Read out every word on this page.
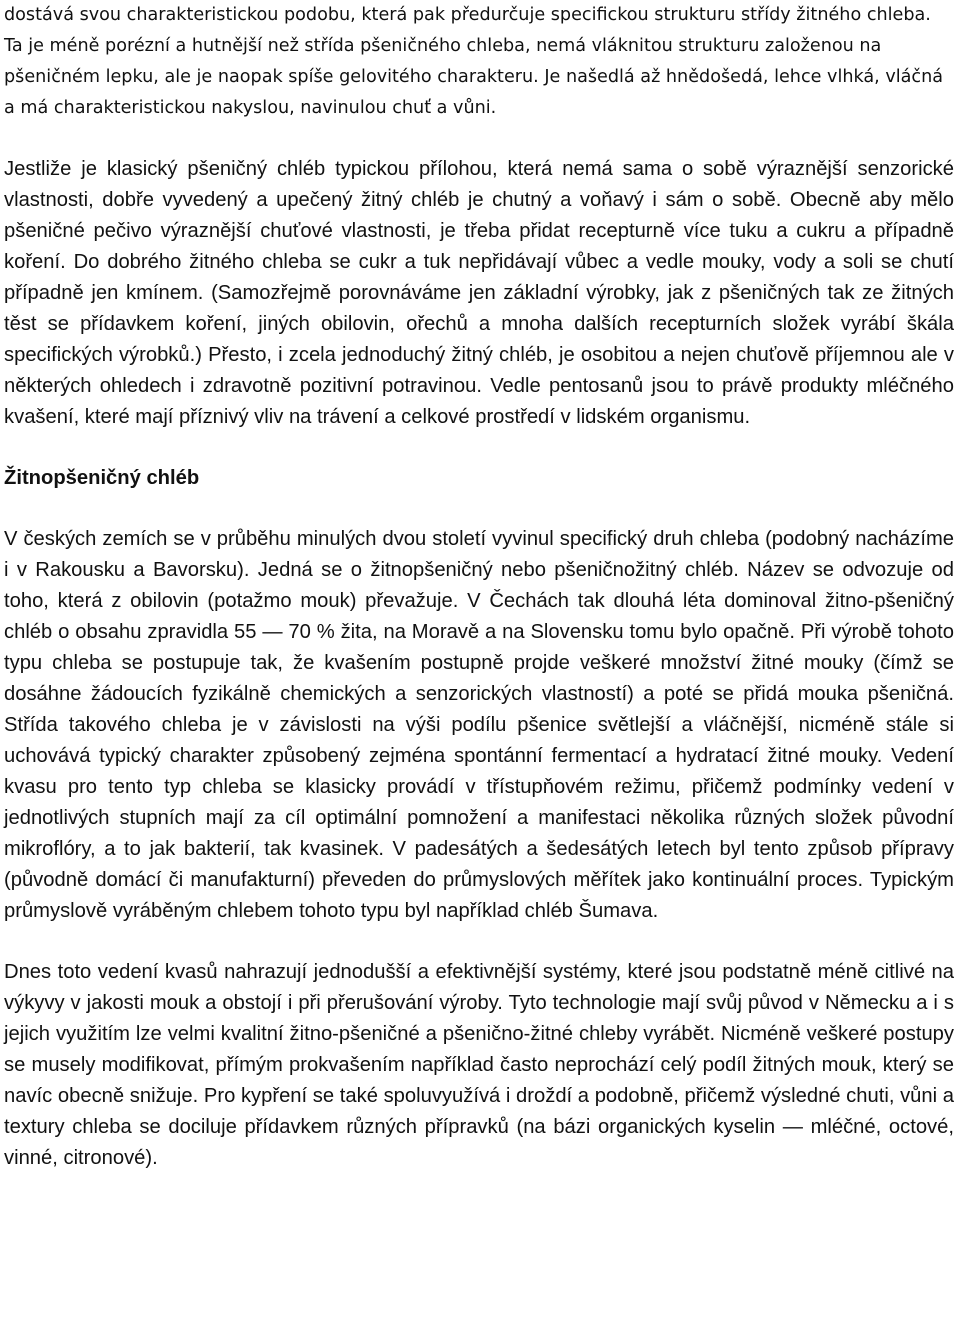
dostává svou charakteristickou podobu, která pak předurčuje specifickou strukturu střídy žitného chleba. Ta je méně porézní a hutnější než střída pšeničného chleba, nemá vláknitou strukturu založenou na pšeničném lepku, ale je naopak spíše gelovitého charakteru. Je našedlá až hnědošedá, lehce vlhká, vláčná a má charakteristickou nakyslou, navinulou chuť a vůni.

Jestliže je klasický pšeničný chléb typickou přílohou, která nemá sama o sobě výraznější senzorické vlastnosti, dobře vyvedený a upečený žitný chléb je chutný a voňavý i sám o sobě. Obecně aby mělo pšeničné pečivo výraznější chuťové vlastnosti, je třeba přidat recepturně více tuku a cukru a případně koření. Do dobrého žitného chleba se cukr a tuk nepřidávají vůbec a vedle mouky, vody a soli se chutí případně jen kmínem. (Samozřejmě porovnáváme jen základní výrobky, jak z pšeničných tak ze žitných těst se přídavkem koření, jiných obilovin, ořechů a mnoha dalších recepturních složek vyrábí škála specifických výrobků.) Přesto, i zcela jednoduchý žitný chléb, je osobitou a nejen chuťově příjemnou ale v některých ohledech i zdravotně pozitivní potravinou. Vedle pentosanů jsou to právě produkty mléčného kvašení, které mají příznivý vliv na trávení a celkové prostředí v lidském organismu.

Žitnopšeničný chléb

V českých zemích se v průběhu minulých dvou století vyvinul specifický druh chleba (podobný nacházíme i v Rakousku a Bavorsku). Jedná se o žitnopšeničný nebo pšeničnožitný chléb. Název se odvozuje od toho, která z obilovin (potažmo mouk) převažuje. V Čechách tak dlouhá léta dominoval žitno-pšeničný chléb o obsahu zpravidla 55 — 70 % žita, na Moravě a na Slovensku tomu bylo opačně. Při výrobě tohoto typu chleba se postupuje tak, že kvašením postupně projde veškeré množství žitné mouky (čímž se dosáhne žádoucích fyzikálně chemických a senzorických vlastností) a poté se přidá mouka pšeničná. Střída takového chleba je v závislosti na výši podílu pšenice světlejší a vláčnější, nicméně stále si uchovává typický charakter způsobený zejména spontánní fermentací a hydratací žitné mouky. Vedení kvasu pro tento typ chleba se klasicky provádí v třístupňovém režimu, přičemž podmínky vedení v jednotlivých stupních mají za cíl optimální pomnožení a manifestaci několika různých složek původní mikroflóry, a to jak bakterií, tak kvasinek. V padesátých a šedesátých letech byl tento způsob přípravy (původně domácí či manufakturní) převeden do průmyslových měřítek jako kontinuální proces. Typickým průmyslově vyráběným chlebem tohoto typu byl například chléb Šumava.

Dnes toto vedení kvasů nahrazují jednodušší a efektivnější systémy, které jsou podstatně méně citlivé na výkyvy v jakosti mouk a obstojí i při přerušování výroby. Tyto technologie mají svůj původ v Německu a i s jejich využitím lze velmi kvalitní žitno-pšeničné a pšenično-žitné chleby vyrábět. Nicméně veškeré postupy se musely modifikovat, přímým prokvašením například často neprochází celý podíl žitných mouk, který se navíc obecně snižuje. Pro kypření se také spoluvyužívá i droždí a podobně, přičemž výsledné chuti, vůni a textury chleba se dociluje přídavkem různých přípravků (na bázi organických kyselin — mléčné, octové, vinné, citronové).
